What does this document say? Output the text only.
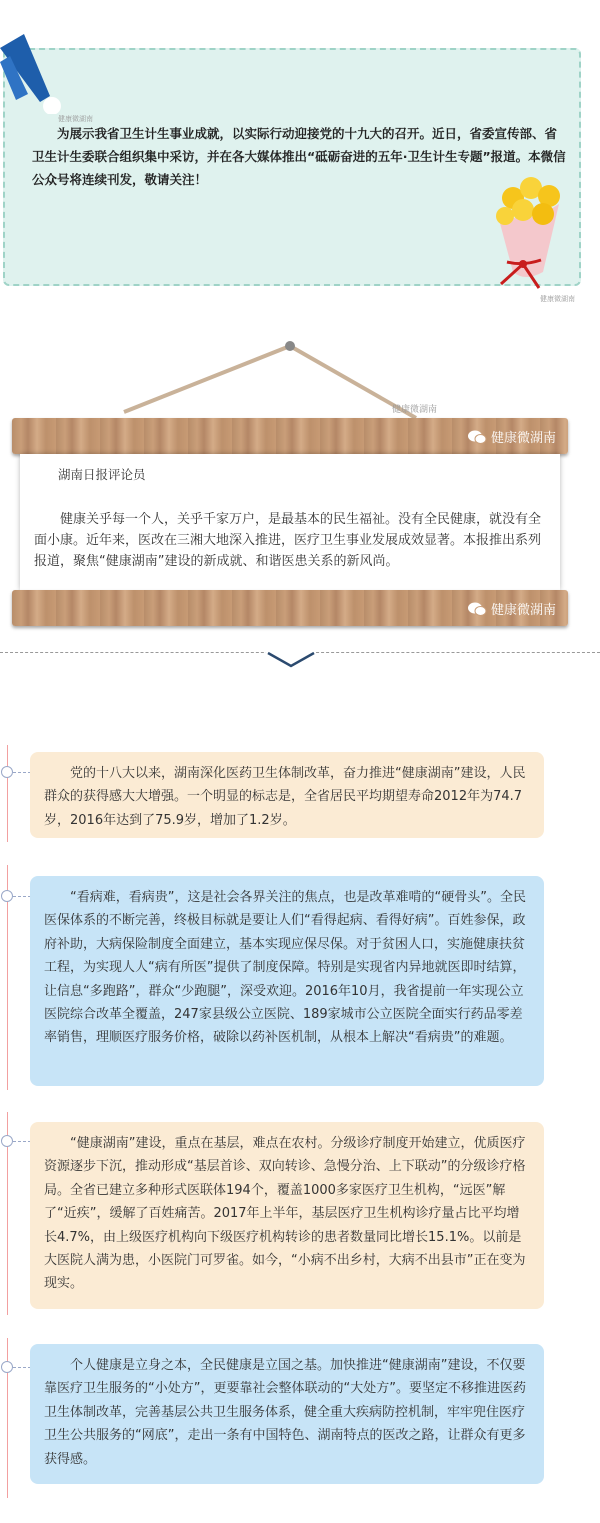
健康微湖南
为展示我省卫生计生事业成就，以实际行动迎接党的十九大的召开。近日，省委宣传部、省卫生计生委联合组织集中采访，并在各大媒体推出“砥砺奋进的五年·卫生计生专题”报道。本微信公众号将连续刊发，敬请关注！
健康微湖南
健康微湖南
健康微湖南
湖南日报评论员
健康关乎每一个人，关乎千家万户，是最基本的民生福祉。没有全民健康，就没有全面小康。近年来，医改在三湘大地深入推进，医疗卫生事业发展成效显著。本报推出系列报道，聚焦“健康湖南”建设的新成就、和谐医患关系的新风尚。
健康微湖南
党的十八大以来，湖南深化医药卫生体制改革，奋力推进“健康湖南”建设，人民群众的获得感大大增强。一个明显的标志是，全省居民平均期望寿命2012年为74.7岁，2016年达到了75.9岁，增加了1.2岁。
“看病难，看病贵”，这是社会各界关注的焦点，也是改革难啃的“硬骨头”。全民医保体系的不断完善，终极目标就是要让人们“看得起病、看得好病”。百姓参保，政府补助，大病保险制度全面建立，基本实现应保尽保。对于贫困人口，实施健康扶贫工程，为实现人人“病有所医”提供了制度保障。特别是实现省内异地就医即时结算，让信息“多跑路”，群众“少跑腿”，深受欢迎。2016年10月，我省提前一年实现公立医院综合改革全覆盖，247家县级公立医院、189家城市公立医院全面实行药品零差率销售，理顺医疗服务价格，破除以药补医机制，从根本上解决“看病贵”的难题。
“健康湖南”建设，重点在基层，难点在农村。分级诊疗制度开始建立，优质医疗资源逐步下沉，推动形成“基层首诊、双向转诊、急慢分治、上下联动”的分级诊疗格局。全省已建立多种形式医联体194个，覆盖1000多家医疗卫生机构，“远医”解了“近疾”，缓解了百姓痛苦。2017年上半年，基层医疗卫生机构诊疗量占比平均增长4.7%，由上级医疗机构向下级医疗机构转诊的患者数量同比增长15.1%。以前是大医院人满为患，小医院门可罗雀。如今，“小病不出乡村，大病不出县市”正在变为现实。
个人健康是立身之本，全民健康是立国之基。加快推进“健康湖南”建设，不仅要靠医疗卫生服务的“小处方”，更要靠社会整体联动的“大处方”。要坚定不移推进医药卫生体制改革，完善基层公共卫生服务体系，健全重大疾病防控机制，牢牢兜住医疗卫生公共服务的“网底”，走出一条有中国特色、湖南特点的医改之路，让群众有更多获得感。
